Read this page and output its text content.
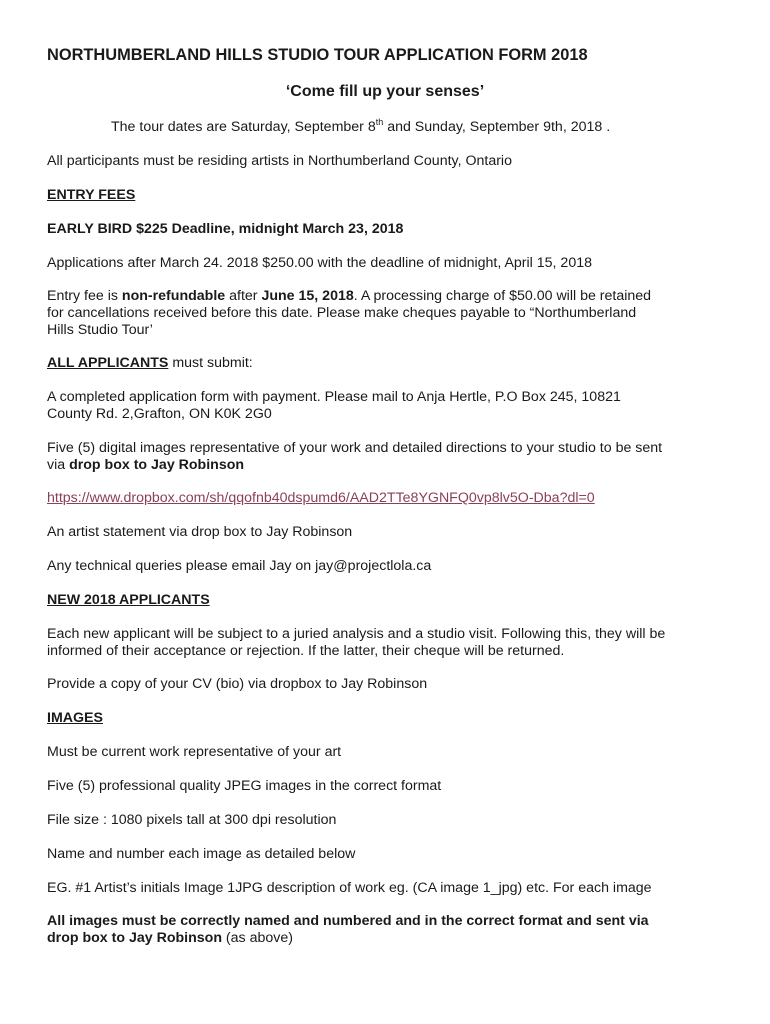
NORTHUMBERLAND HILLS STUDIO TOUR APPLICATION FORM 2018
‘Come fill up your senses’
The tour dates are Saturday, September 8th and Sunday, September 9th, 2018 .
All participants must be residing artists in Northumberland County, Ontario
ENTRY FEES
EARLY BIRD $225 Deadline, midnight March 23, 2018
Applications after March 24. 2018 $250.00 with the deadline of midnight, April 15, 2018
Entry fee is non-refundable after June 15, 2018. A processing charge of $50.00 will be retained
for cancellations received before this date. Please make cheques payable to “Northumberland
Hills Studio Tour’
ALL APPLICANTS must submit:
A completed application form with payment. Please mail to Anja Hertle, P.O Box 245, 10821
County Rd. 2,Grafton, ON K0K 2G0
Five (5) digital images representative of your work and detailed directions to your studio to be sent
via drop box to Jay Robinson
https://www.dropbox.com/sh/qqofnb40dspumd6/AAD2TTe8YGNFQ0vp8lv5O-Dba?dl=0
An artist statement via drop box to Jay Robinson
Any technical queries please email Jay on jay@projectlola.ca
NEW 2018 APPLICANTS
Each new applicant will be subject to a juried analysis and a studio visit. Following this, they will be
informed of their acceptance or rejection. If the latter, their cheque will be returned.
Provide a copy of your CV (bio) via dropbox to Jay Robinson
IMAGES
Must be current work representative of your art
Five (5) professional quality JPEG images in the correct format
File size : 1080 pixels tall at 300 dpi resolution
Name and number each image as detailed below
EG. #1 Artist’s initials Image 1JPG description of work eg. (CA image 1_jpg) etc. For each image
All images must be correctly named and numbered and in the correct format and sent via
drop box to Jay Robinson (as above)
